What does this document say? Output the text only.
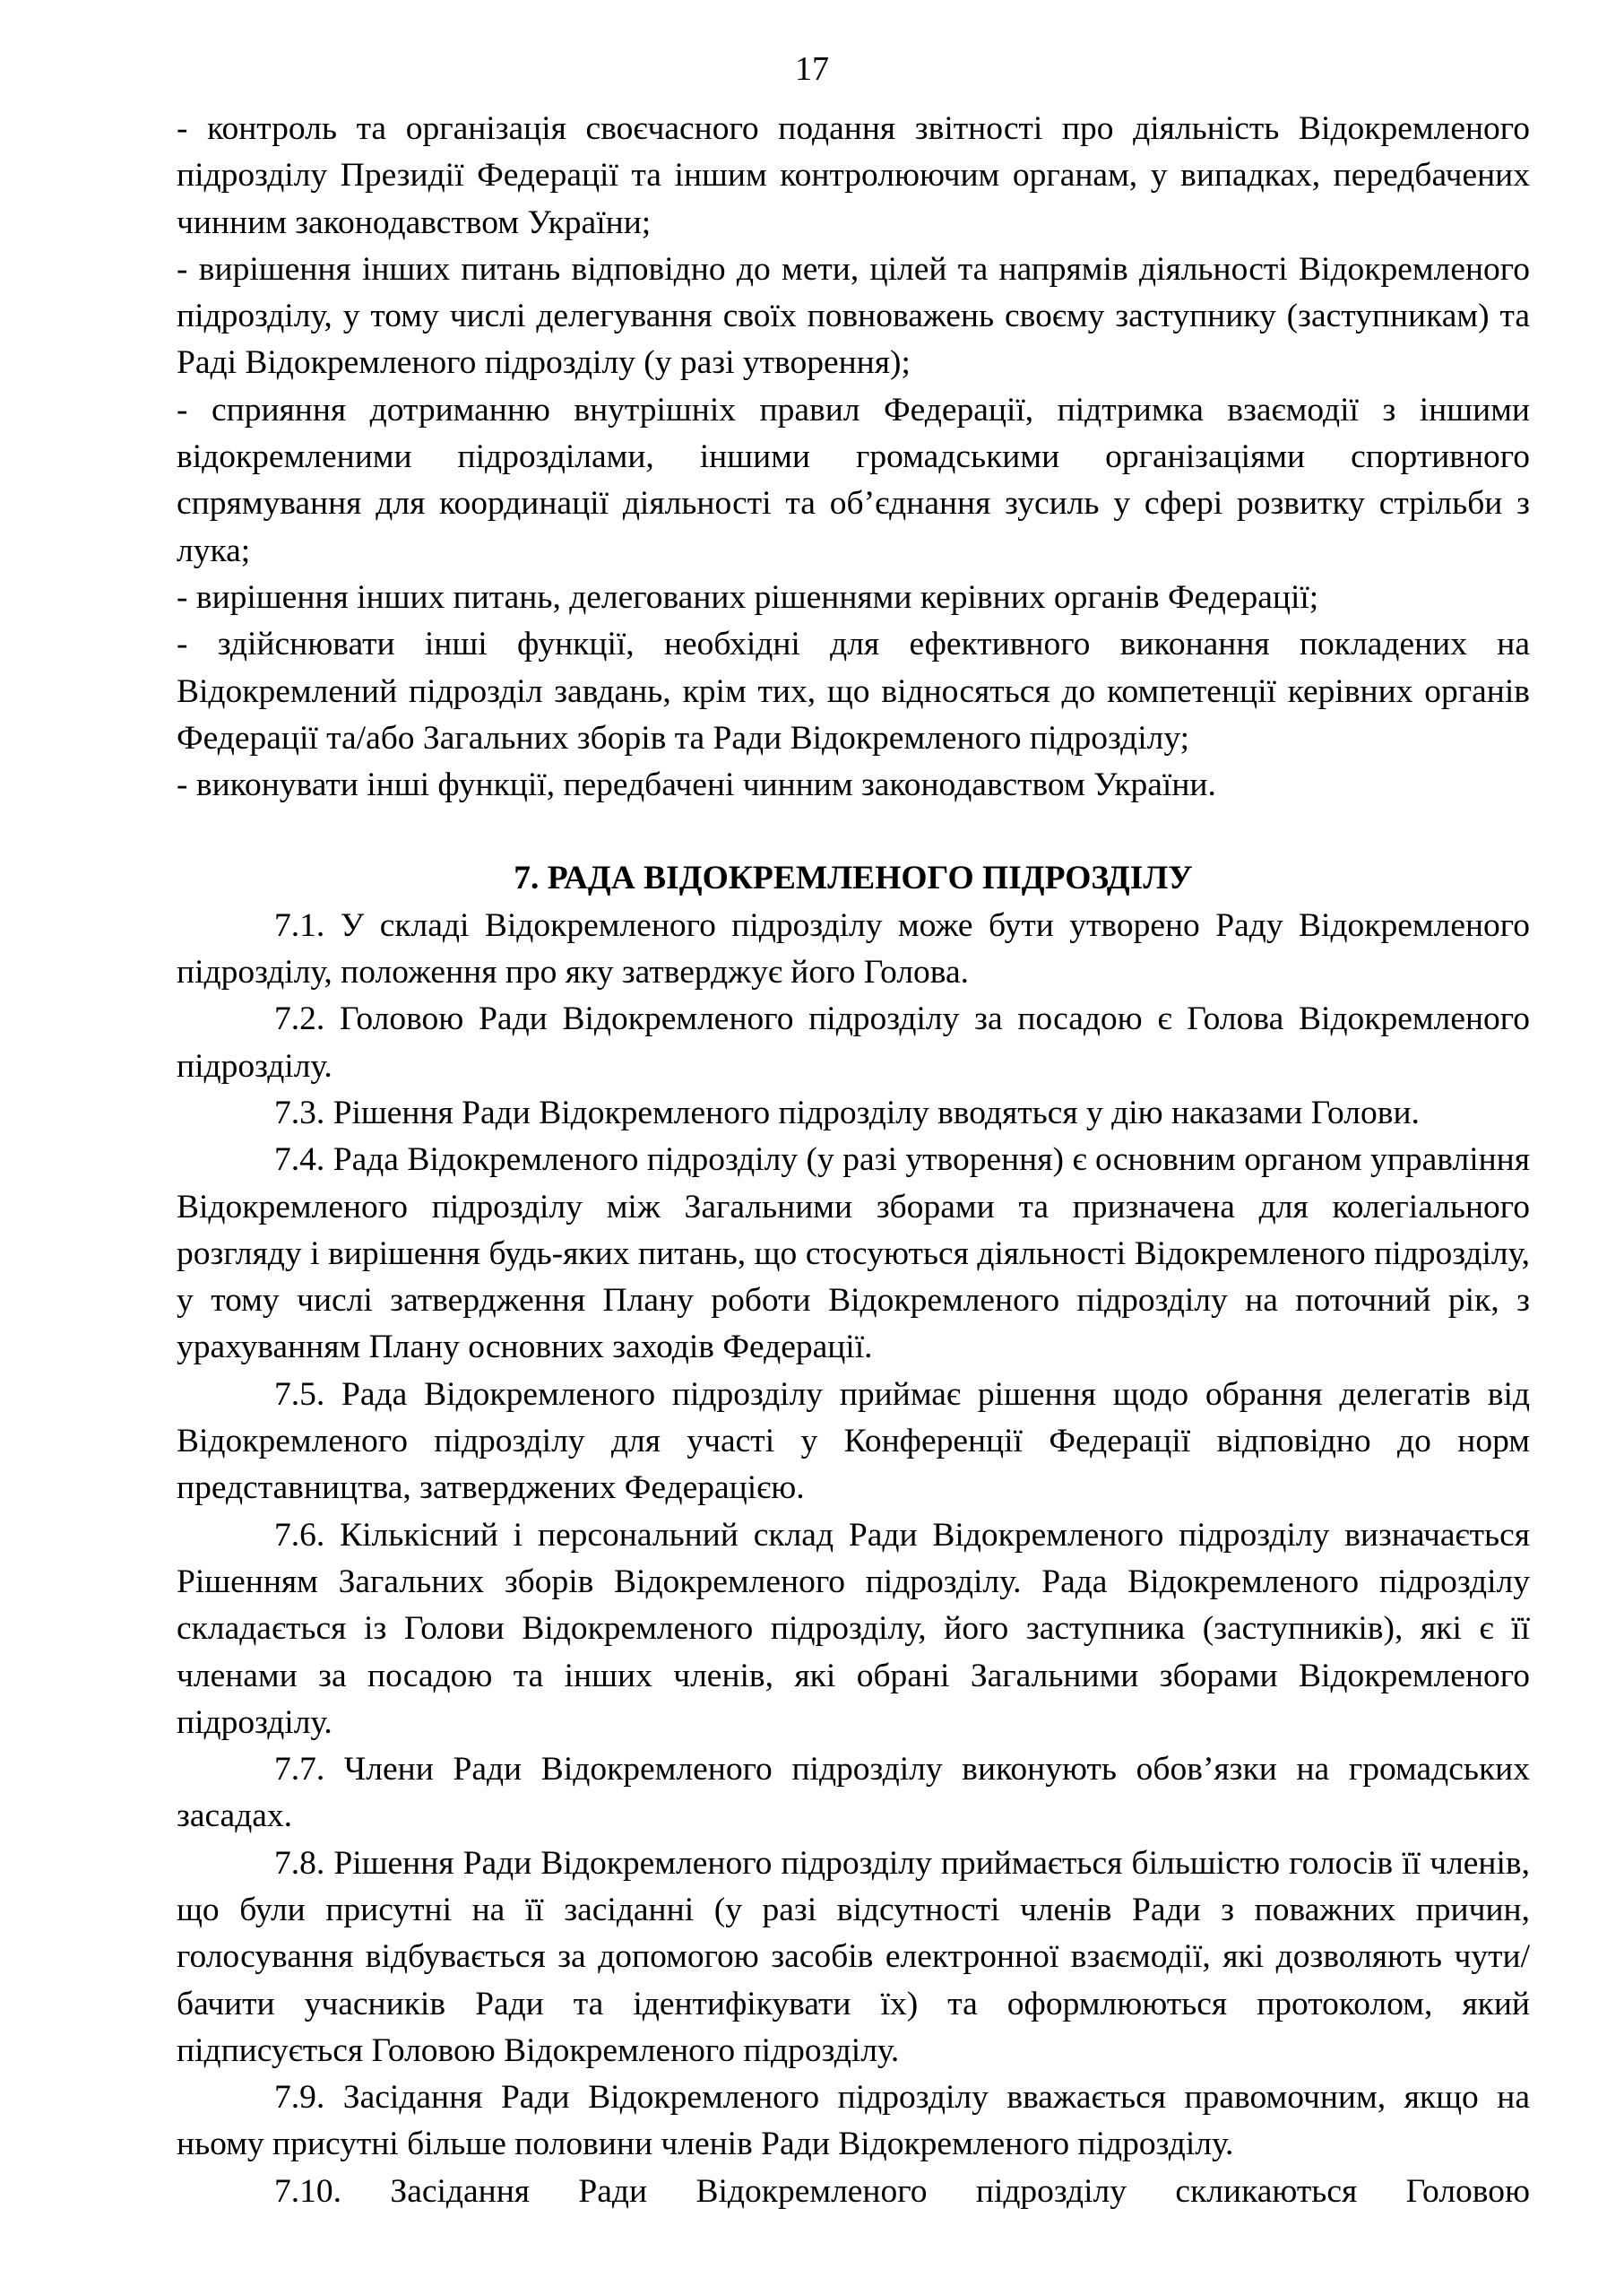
17

- контроль та організація своєчасного подання звітності про діяльність Відокремленого підрозділу Президії Федерації та іншим контролюючим органам, у випадках, передбачених чинним законодавством України;

- вирішення інших питань відповідно до мети, цілей та напрямів діяльності Відокремленого підрозділу, у тому числі делегування своїх повноважень своєму заступнику (заступникам) та Раді Відокремленого підрозділу (у разі утворення);

- сприяння дотриманню внутрішніх правил Федерації, підтримка взаємодії з іншими відокремленими підрозділами, іншими громадськими організаціями спортивного спрямування для координації діяльності та об’єднання зусиль у сфері розвитку стрільби з лука;

- вирішення інших питань, делегованих рішеннями керівних органів Федерації;

- здійснювати інші функції, необхідні для ефективного виконання покладених на Відокремлений підрозділ завдань, крім тих, що відносяться до компетенції керівних органів Федерації та/або Загальних зборів та Ради Відокремленого підрозділу;

- виконувати інші функції, передбачені чинним законодавством України.

7. РАДА ВІДОКРЕМЛЕНОГО ПІДРОЗДІЛУ

7.1. У складі Відокремленого підрозділу може бути утворено Раду Відокремленого підрозділу, положення про яку затверджує його Голова.

7.2. Головою Ради Відокремленого підрозділу за посадою є Голова Відокремленого підрозділу.

7.3. Рішення Ради Відокремленого підрозділу вводяться у дію наказами Голови.

7.4. Рада Відокремленого підрозділу (у разі утворення) є основним органом управління Відокремленого підрозділу між Загальними зборами та призначена для колегіального розгляду і вирішення будь-яких питань, що стосуються діяльності Відокремленого підрозділу, у тому числі затвердження Плану роботи Відокремленого підрозділу на поточний рік, з урахуванням Плану основних заходів Федерації.

7.5. Рада Відокремленого підрозділу приймає рішення щодо обрання делегатів від Відокремленого підрозділу для участі у Конференції Федерації відповідно до норм представництва, затверджених Федерацією.

7.6. Кількісний і персональний склад Ради Відокремленого підрозділу визначається Рішенням Загальних зборів Відокремленого підрозділу. Рада Відокремленого підрозділу складається із Голови Відокремленого підрозділу, його заступника (заступників), які є її членами за посадою та інших членів, які обрані Загальними зборами Відокремленого підрозділу.

7.7. Члени Ради Відокремленого підрозділу виконують обов’язки на громадських засадах.

7.8. Рішення Ради Відокремленого підрозділу приймається більшістю голосів її членів, що були присутні на її засіданні (у разі відсутності членів Ради з поважних причин, голосування відбувається за допомогою засобів електронної взаємодії, які дозволяють чути/бачити учасників Ради та ідентифікувати їх) та оформлюються протоколом, який підписується Головою Відокремленого підрозділу.

7.9. Засідання Ради Відокремленого підрозділу вважається правомочним, якщо на ньому присутні більше половини членів Ради Відокремленого підрозділу.

7.10. Засідання Ради Відокремленого підрозділу скликаються Головою
